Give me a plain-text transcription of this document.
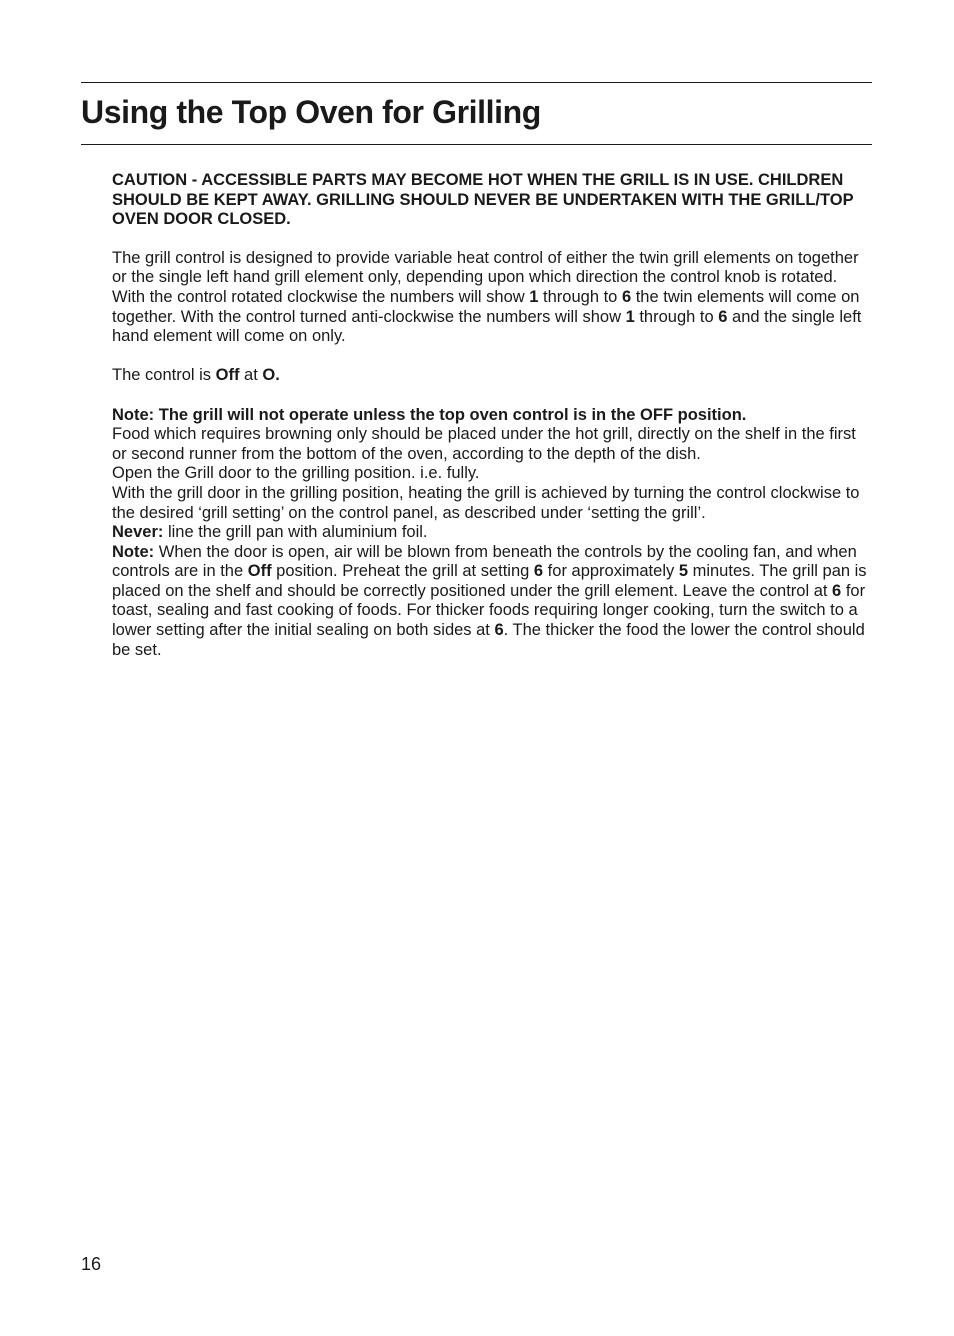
Using the Top Oven for Grilling

CAUTION - ACCESSIBLE PARTS MAY BECOME HOT WHEN THE GRILL IS IN USE. CHILDREN SHOULD BE KEPT AWAY. GRILLING SHOULD NEVER BE UNDERTAKEN WITH THE GRILL/TOP OVEN DOOR CLOSED.

The grill control is designed to provide variable heat control of either the twin grill elements on together or the single left hand grill element only, depending upon which direction the control knob is rotated. With the control rotated clockwise the numbers will show 1 through to 6 the twin elements will come on together. With the control turned anti-clockwise the numbers will show 1 through to 6 and the single left hand element will come on only.

The control is Off at O.

Note: The grill will not operate unless the top oven control is in the OFF position.

Food which requires browning only should be placed under the hot grill, directly on the shelf in the first or second runner from the bottom of the oven, according to the depth of the dish.

Open the Grill door to the grilling position. i.e. fully.

With the grill door in the grilling position, heating the grill is achieved by turning the control clockwise to the desired ‘grill setting’ on the control panel, as described under ‘setting the grill’.

Never: line the grill pan with aluminium foil.

Note: When the door is open, air will be blown from beneath the controls by the cooling fan, and when controls are in the Off position. Preheat the grill at setting 6 for approximately 5 minutes. The grill pan is placed on the shelf and should be correctly positioned under the grill element. Leave the control at 6 for toast, sealing and fast cooking of foods. For thicker foods requiring longer cooking, turn the switch to a lower setting after the initial sealing on both sides at 6. The thicker the food the lower the control should be set.

16
